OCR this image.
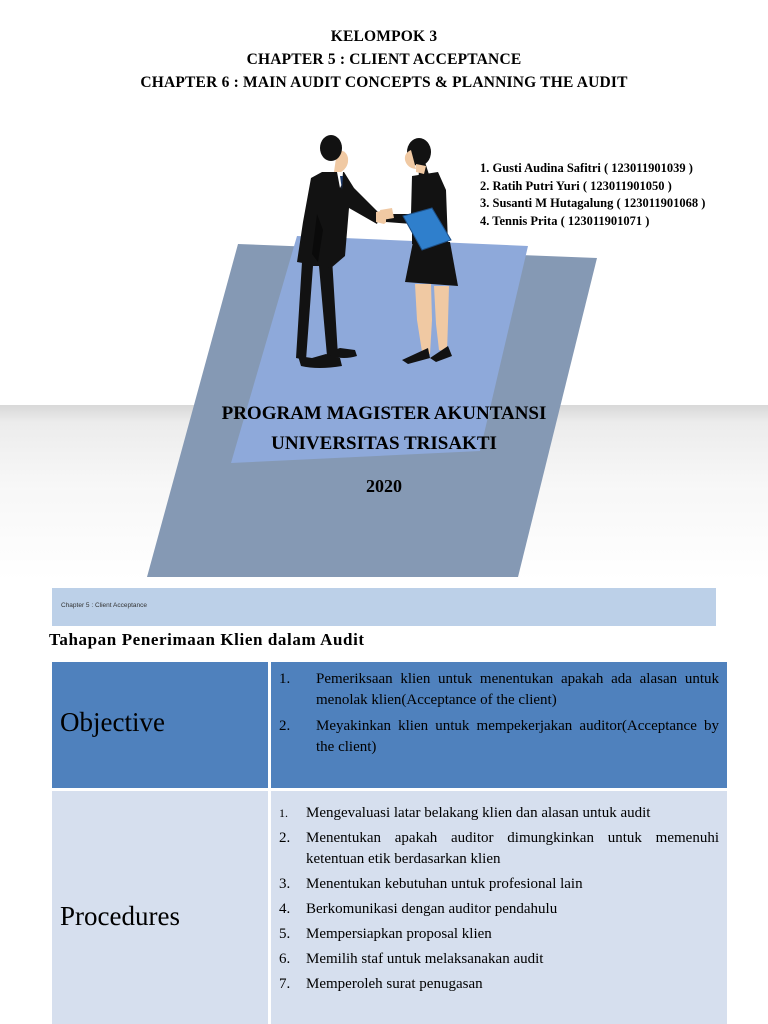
KELOMPOK 3
CHAPTER 5 : CLIENT ACCEPTANCE
CHAPTER 6 : MAIN AUDIT CONCEPTS & PLANNING THE AUDIT
1. Gusti Audina Safitri ( 123011901039 )
2. Ratih Putri Yuri ( 123011901050 )
3. Susanti M Hutagalung ( 123011901068 )
4. Tennis Prita ( 123011901071 )
PROGRAM MAGISTER AKUNTANSI
UNIVERSITAS TRISAKTI
2020
Chapter 5 : Client Acceptance
Tahapan Penerimaan Klien dalam Audit
Objective
1. Pemeriksaan klien untuk menentukan apakah ada alasan untuk menolak klien(Acceptance of the client)
2. Meyakinkan klien untuk mempekerjakan auditor(Acceptance by the client)
Procedures
1. Mengevaluasi latar belakang klien dan alasan untuk audit
2. Menentukan apakah auditor dimungkinkan untuk memenuhi ketentuan etik berdasarkan klien
3. Menentukan kebutuhan untuk profesional lain
4. Berkomunikasi dengan auditor pendahulu
5. Mempersiapkan proposal klien
6. Memilih staf untuk melaksanakan audit
7. Memperoleh surat penugasan
